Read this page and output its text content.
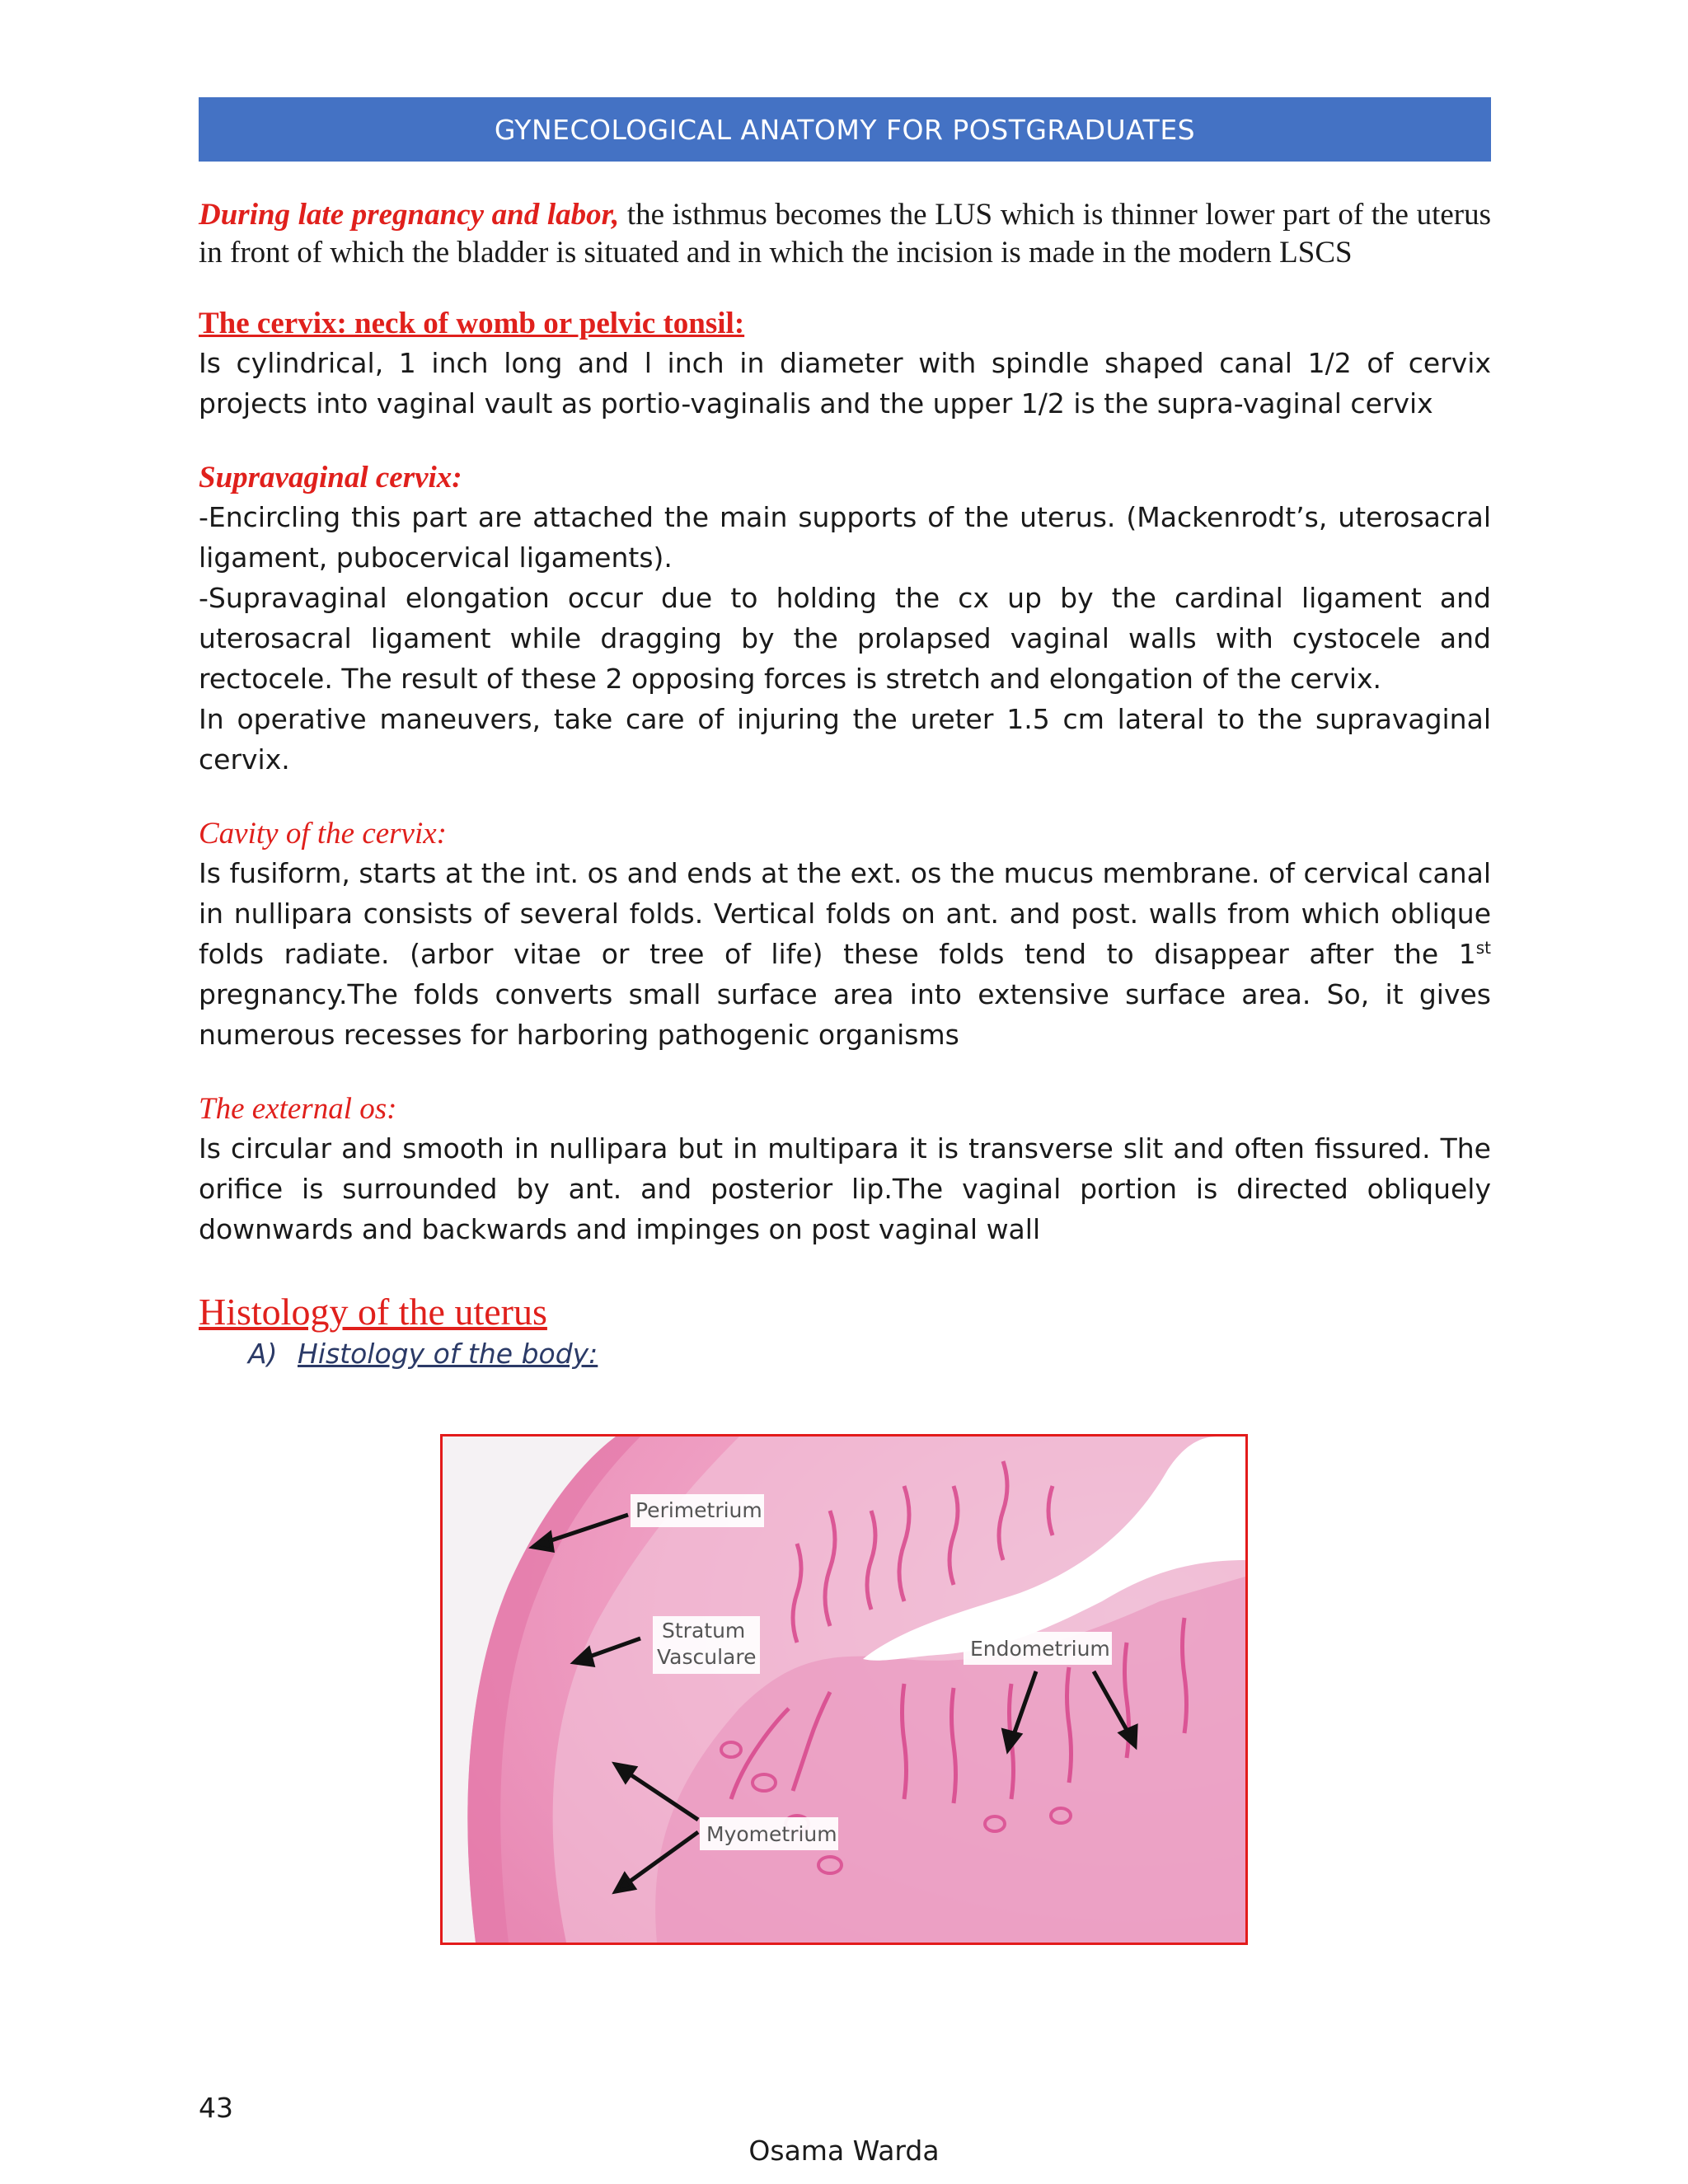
GYNECOLOGICAL ANATOMY FOR POSTGRADUATES

During late pregnancy and labor, the isthmus becomes the LUS which is thinner lower part of the uterus in front of which the bladder is situated and in which the incision is made in the modern LSCS

The cervix: neck of womb or pelvic tonsil:

Is cylindrical, 1 inch long and l inch in diameter with spindle shaped canal 1/2 of cervix projects into vaginal vault as portio-vaginalis and the upper 1/2 is the supra-vaginal cervix

Supravaginal cervix:

-Encircling this part are attached the main supports of the uterus. (Mackenrodt’s, uterosacral ligament, pubocervical ligaments).

-Supravaginal elongation occur due to holding the cx up by the cardinal ligament and uterosacral ligament while dragging by the prolapsed vaginal walls with cystocele and rectocele. The result of these 2 opposing forces is stretch and elongation of the cervix.

In operative maneuvers, take care of injuring the ureter 1.5 cm lateral to the supravaginal cervix.

Cavity of the cervix:

Is fusiform, starts at the int. os and ends at the ext. os the mucus membrane. of cervical canal in nullipara consists of several folds. Vertical folds on ant. and post. walls from which oblique folds radiate. (arbor vitae or tree of life) these folds tend to disappear after the 1st pregnancy.The folds converts small surface area into extensive surface area. So, it gives numerous recesses for harboring pathogenic organisms

The external os:

Is circular and smooth in nullipara but in multipara it is transverse slit and often fissured. The orifice is surrounded by ant. and posterior lip.The vaginal portion is directed obliquely downwards and backwards and impinges on post vaginal wall

Histology of the uterus

A) Histology of the body:

Perimetrium
Stratum
Vasculare	Endometrium
Myometrium
43
Osama Warda
